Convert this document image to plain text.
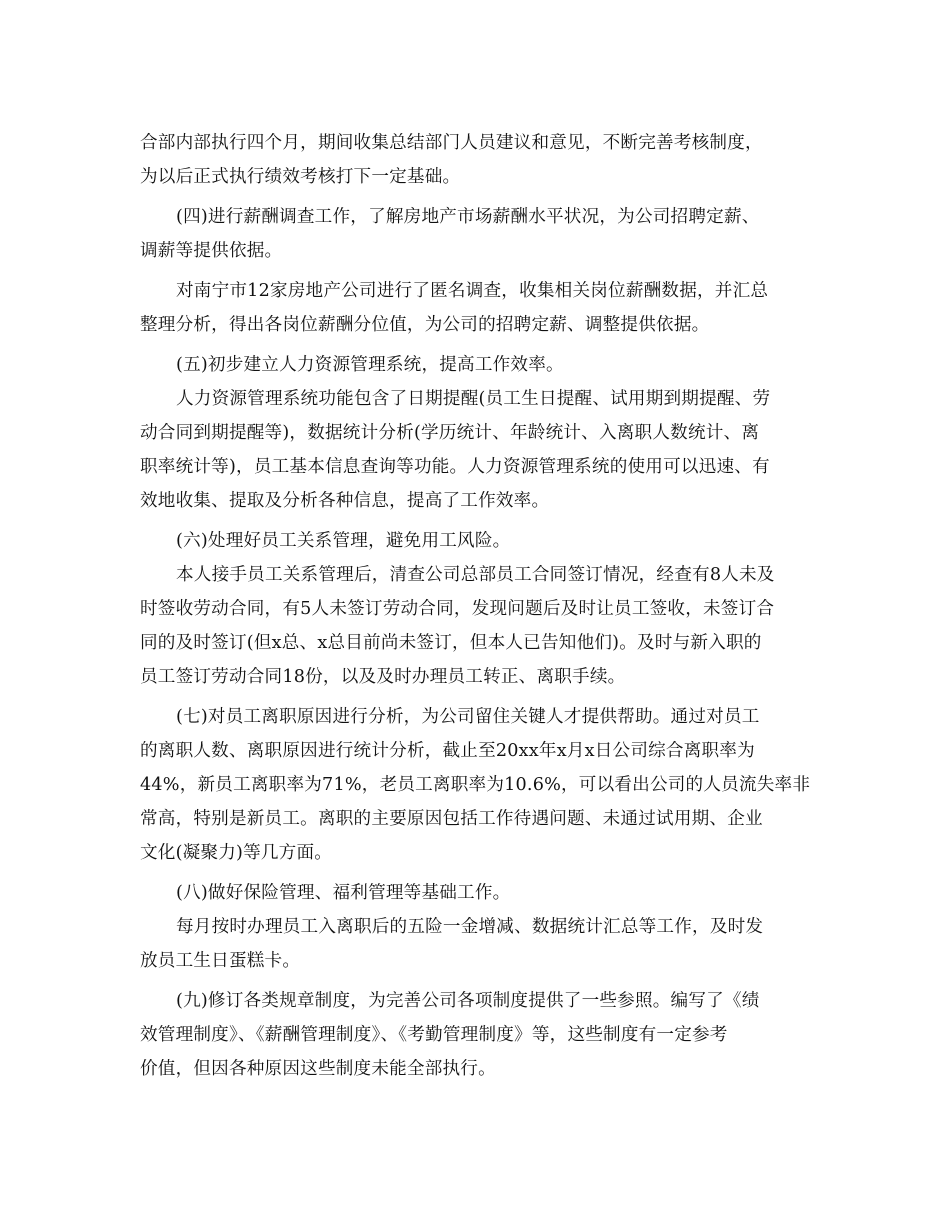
合部内部执行四个月，期间收集总结部门人员建议和意见，不断完善考核制度，
为以后正式执行绩效考核打下一定基础。
(四)进行薪酬调查工作，了解房地产市场薪酬水平状况，为公司招聘定薪、
调薪等提供依据。
对南宁市12家房地产公司进行了匿名调查，收集相关岗位薪酬数据，并汇总
整理分析，得出各岗位薪酬分位值，为公司的招聘定薪、调整提供依据。
(五)初步建立人力资源管理系统，提高工作效率。
人力资源管理系统功能包含了日期提醒(员工生日提醒、试用期到期提醒、劳
动合同到期提醒等)，数据统计分析(学历统计、年龄统计、入离职人数统计、离
职率统计等)，员工基本信息查询等功能。人力资源管理系统的使用可以迅速、有
效地收集、提取及分析各种信息，提高了工作效率。
(六)处理好员工关系管理，避免用工风险。
本人接手员工关系管理后，清查公司总部员工合同签订情况，经查有8人未及
时签收劳动合同，有5人未签订劳动合同，发现问题后及时让员工签收，未签订合
同的及时签订(但x总、x总目前尚未签订，但本人已告知他们)。及时与新入职的
员工签订劳动合同18份，以及及时办理员工转正、离职手续。
(七)对员工离职原因进行分析，为公司留住关键人才提供帮助。通过对员工
的离职人数、离职原因进行统计分析，截止至20xx年x月x日公司综合离职率为
44%，新员工离职率为71%，老员工离职率为10.6%，可以看出公司的人员流失率非
常高，特别是新员工。离职的主要原因包括工作待遇问题、未通过试用期、企业
文化(凝聚力)等几方面。
(八)做好保险管理、福利管理等基础工作。
每月按时办理员工入离职后的五险一金增减、数据统计汇总等工作，及时发
放员工生日蛋糕卡。
(九)修订各类规章制度，为完善公司各项制度提供了一些参照。编写了《绩
效管理制度》、《薪酬管理制度》、《考勤管理制度》等，这些制度有一定参考
价值，但因各种原因这些制度未能全部执行。
